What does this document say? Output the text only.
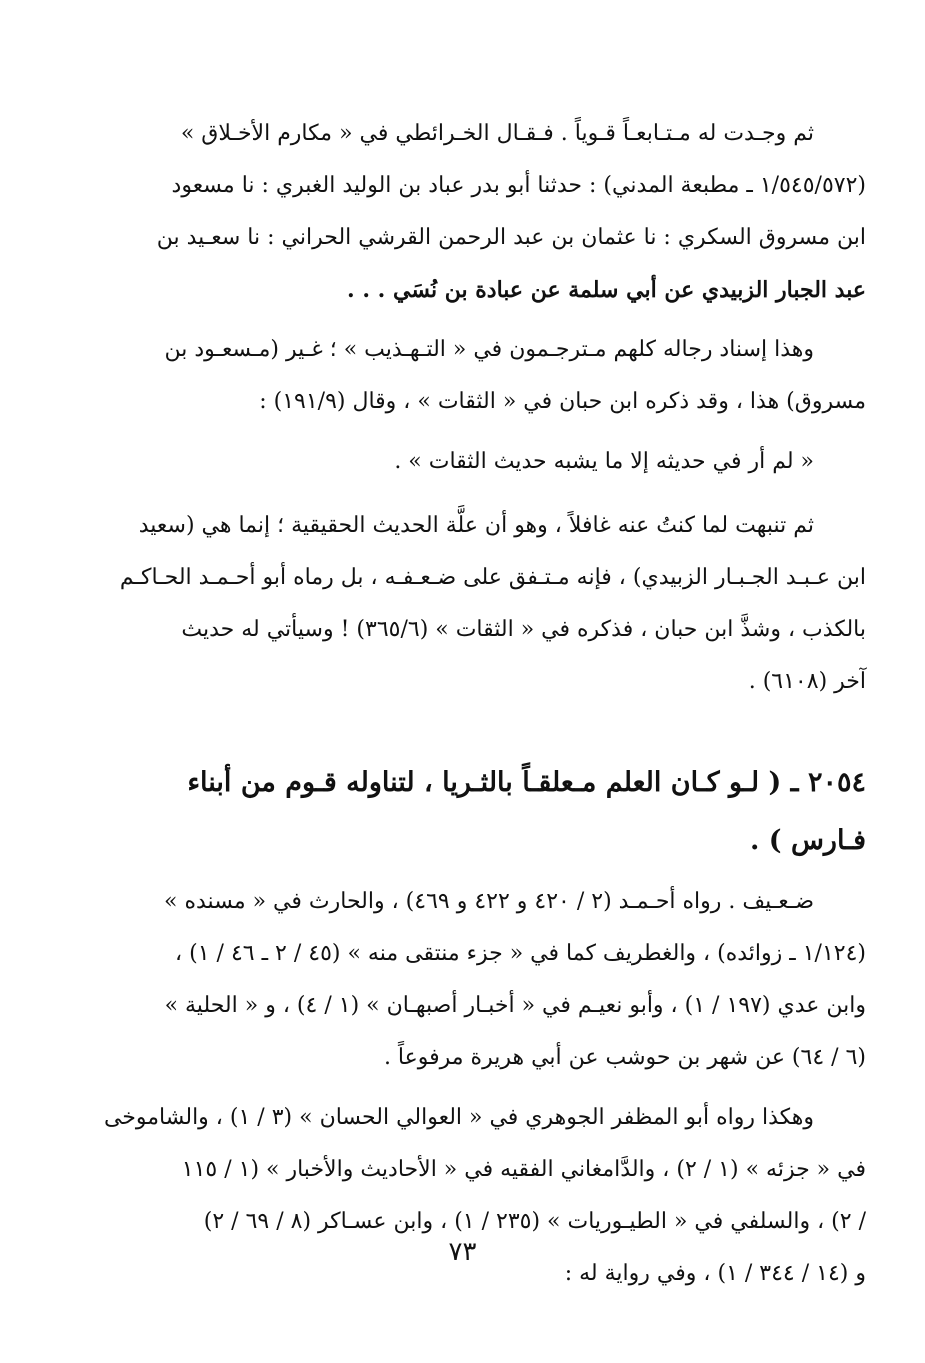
ثم وجـدت له مـتـابعـاً قـوياً . فـقـال الخـرائطي في « مكارم الأخـلاق »
(١/٥٤٥/٥٧٢ ـ مطبعة المدني) : حدثنا أبو بدر عباد بن الوليد الغبري : نا مسعود
ابن مسروق السكري : نا عثمان بن عبد الرحمن القرشي الحراني : نا سعـيد بن
عبد الجبار الزبيدي عن أبي سلمة عن عبادة بن نُسَي . . .

وهذا إسناد رجاله كلهم مـترجـمون في « التـهـذيب » ؛ غـير (مـسعـود بن
مسروق) هذا ، وقد ذكره ابن حبان في « الثقات » ، وقال (١٩١/٩) :

« لم أر في حديثه إلا ما يشبه حديث الثقات » .

ثم تنبهت لما كنتُ عنه غافلاً ، وهو أن علَّة الحديث الحقيقية ؛ إنما هي (سعيد
ابن عـبـد الجـبـار الزبيدي) ، فإنه مـتـفق على ضـعـفـه ، بل رماه أبو أحـمـد الحـاكـم
بالكذب ، وشذَّ ابن حبان ، فذكره في « الثقات » (٣٦٥/٦) ! وسيأتي له حديث
آخر (٦١٠٨) .

٢٠٥٤ ـ ( لـو كـان العلم مـعلقـاً بالثـريا ، لتناوله قـوم من أبناء
فـارس ) .

ضـعـيف . رواه أحـمـد (٢ / ٤٢٠ و ٤٢٢ و ٤٦٩) ، والحارث في « مسنده »
(١/١٢٤ ـ زوائده) ، والغطريف كما في « جزء منتقى منه » (٤٥ / ٢ ـ ٤٦ / ١) ،
وابن عدي (١٩٧ / ١) ، وأبو نعيـم في « أخبـار أصبهـان » (١ / ٤) ، و « الحلية »
(٦ / ٦٤) عن شهر بن حوشب عن أبي هريرة مرفوعاً .

وهكذا رواه أبو المظفر الجوهري في « العوالي الحسان » (٣ / ١) ، والشاموخى
في « جزئه » (١ / ٢) ، والدَّامغاني الفقيه في « الأحاديث والأخبار » (١ / ١١٥
/ ٢) ، والسلفي في « الطيـوريات » (٢٣٥ / ١) ، وابن عسـاكر (٨ / ٦٩ / ٢)
و (١٤ / ٣٤٤ / ١) ، وفي رواية له :

٧٣
